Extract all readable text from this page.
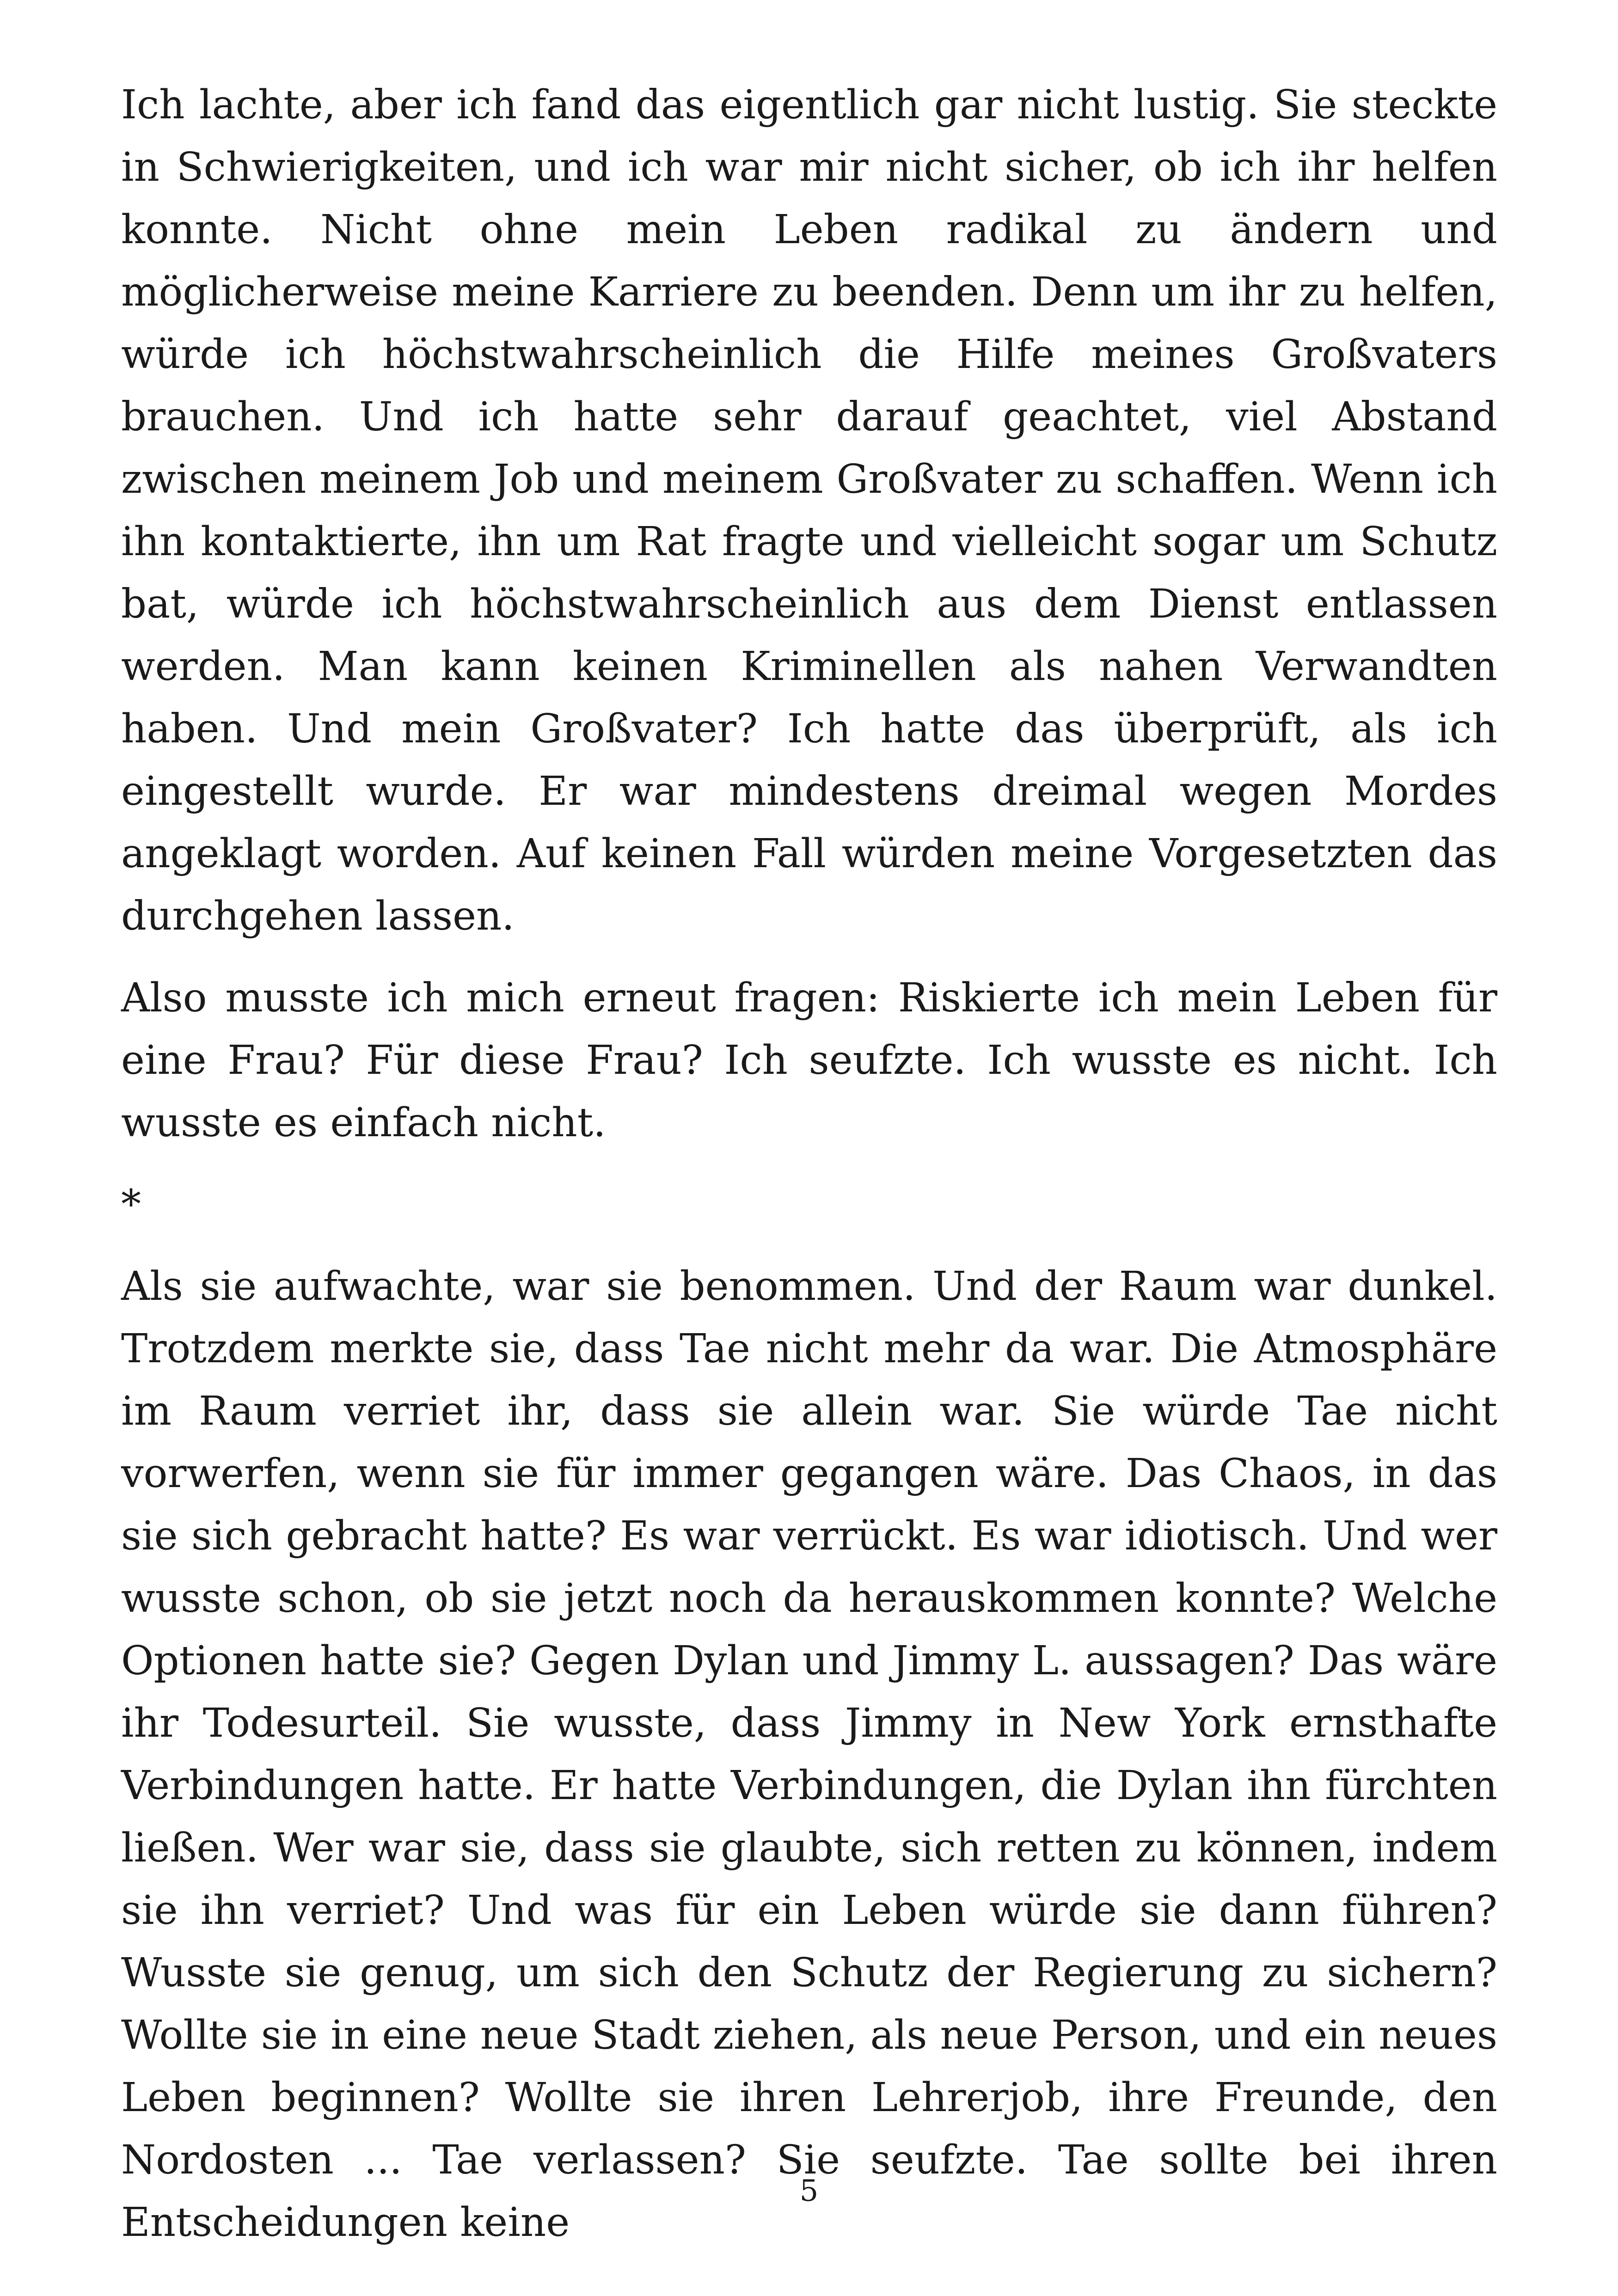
Ich lachte, aber ich fand das eigentlich gar nicht lustig. Sie steckte in Schwierigkeiten, und ich war mir nicht sicher, ob ich ihr helfen konnte. Nicht ohne mein Leben radikal zu ändern und möglicherweise meine Karriere zu beenden. Denn um ihr zu helfen, würde ich höchstwahrscheinlich die Hilfe meines Großvaters brauchen. Und ich hatte sehr darauf geachtet, viel Abstand zwischen meinem Job und meinem Großvater zu schaffen. Wenn ich ihn kontaktierte, ihn um Rat fragte und vielleicht sogar um Schutz bat, würde ich höchstwahrscheinlich aus dem Dienst entlassen werden. Man kann keinen Kriminellen als nahen Verwandten haben. Und mein Großvater? Ich hatte das überprüft, als ich eingestellt wurde. Er war mindestens dreimal wegen Mordes angeklagt worden. Auf keinen Fall würden meine Vorgesetzten das durchgehen lassen.

Also musste ich mich erneut fragen: Riskierte ich mein Leben für eine Frau? Für diese Frau? Ich seufzte. Ich wusste es nicht. Ich wusste es einfach nicht.

*

Als sie aufwachte, war sie benommen. Und der Raum war dunkel. Trotzdem merkte sie, dass Tae nicht mehr da war. Die Atmosphäre im Raum verriet ihr, dass sie allein war. Sie würde Tae nicht vorwerfen, wenn sie für immer gegangen wäre. Das Chaos, in das sie sich gebracht hatte? Es war verrückt. Es war idiotisch. Und wer wusste schon, ob sie jetzt noch da herauskommen konnte? Welche Optionen hatte sie? Gegen Dylan und Jimmy L. aussagen? Das wäre ihr Todesurteil. Sie wusste, dass Jimmy in New York ernsthafte Verbindungen hatte. Er hatte Verbindungen, die Dylan ihn fürchten ließen. Wer war sie, dass sie glaubte, sich retten zu können, indem sie ihn verriet? Und was für ein Leben würde sie dann führen? Wusste sie genug, um sich den Schutz der Regierung zu sichern? Wollte sie in eine neue Stadt ziehen, als neue Person, und ein neues Leben beginnen? Wollte sie ihren Lehrerjob, ihre Freunde, den Nordosten ... Tae verlassen? Sie seufzte. Tae sollte bei ihren Entscheidungen keine

5
